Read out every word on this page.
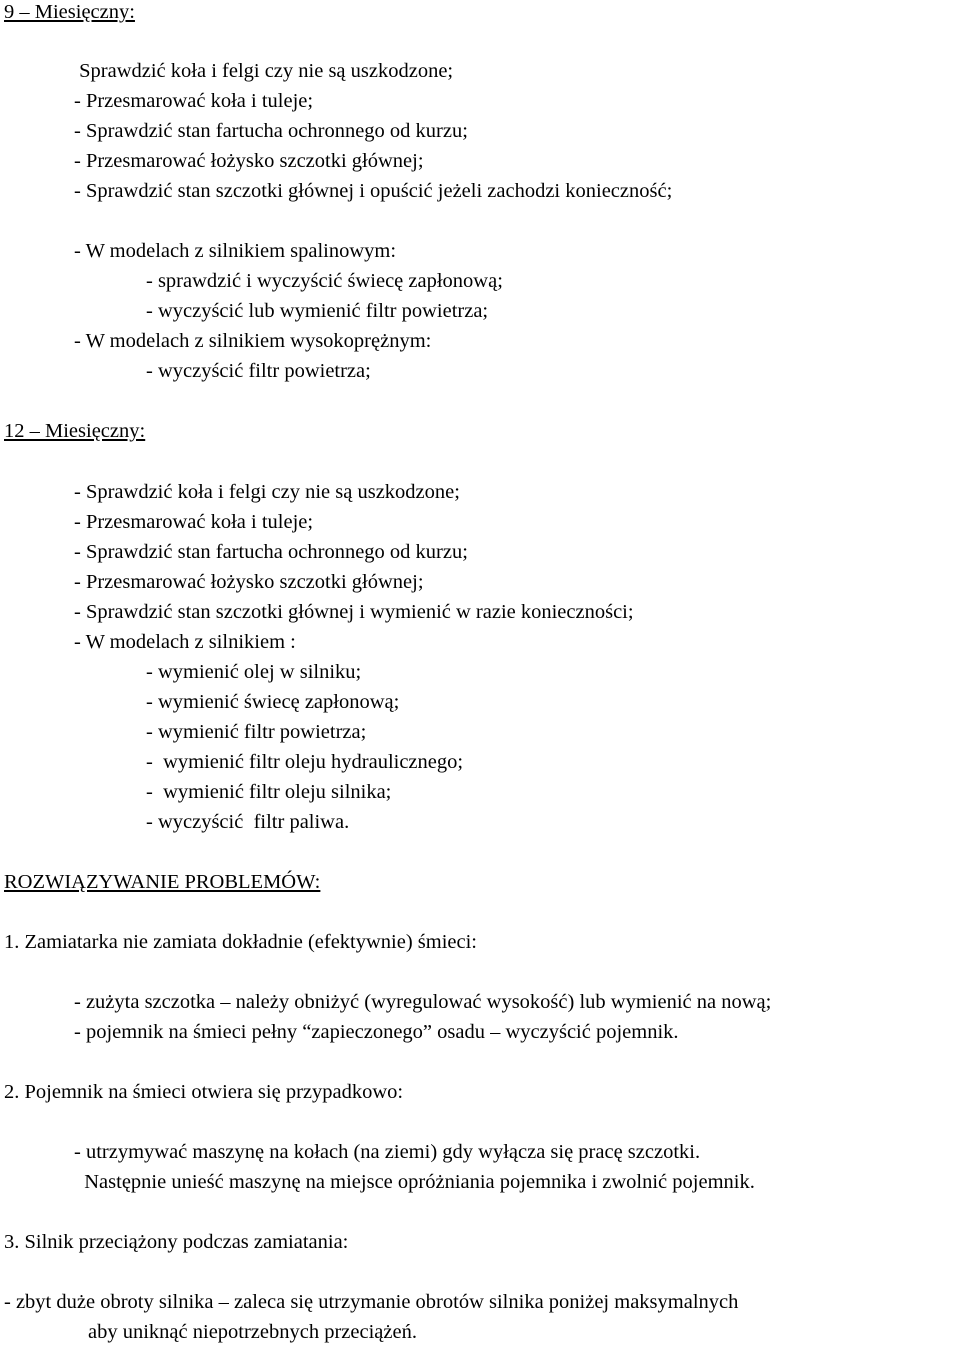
9 – Miesięczny:
Sprawdzić koła i felgi czy nie są uszkodzone;
- Przesmarować koła i tuleje;
- Sprawdzić stan fartucha ochronnego od kurzu;
- Przesmarować łożysko szczotki głównej;
- Sprawdzić stan szczotki głównej i opuścić jeżeli zachodzi konieczność;
- W modelach z silnikiem spalinowym:
- sprawdzić i wyczyścić świecę zapłonową;
- wyczyścić lub wymienić filtr powietrza;
- W modelach z silnikiem wysokoprężnym:
- wyczyścić filtr powietrza;
12 – Miesięczny:
- Sprawdzić koła i felgi czy nie są uszkodzone;
- Przesmarować koła i tuleje;
- Sprawdzić stan fartucha ochronnego od kurzu;
- Przesmarować łożysko szczotki głównej;
- Sprawdzić stan szczotki głównej i wymienić w razie konieczności;
- W modelach z silnikiem :
- wymienić olej w silniku;
- wymienić świecę zapłonową;
- wymienić filtr powietrza;
-  wymienić filtr oleju hydraulicznego;
-  wymienić filtr oleju silnika;
- wyczyścić  filtr paliwa.
ROZWIĄZYWANIE PROBLEMÓW:
1. Zamiatarka nie zamiata dokładnie (efektywnie) śmieci:
- zużyta szczotka – należy obniżyć (wyregulować wysokość) lub wymienić na nową;
- pojemnik na śmieci pełny “zapieczonego” osadu – wyczyścić pojemnik.
2. Pojemnik na śmieci otwiera się przypadkowo:
- utrzymywać maszynę na kołach (na ziemi) gdy wyłącza się pracę szczotki.
Następnie unieść maszynę na miejsce opróżniania pojemnika i zwolnić pojemnik.
3. Silnik przeciążony podczas zamiatania:
- zbyt duże obroty silnika – zaleca się utrzymanie obrotów silnika poniżej maksymalnych
aby uniknąć niepotrzebnych przeciążeń.
